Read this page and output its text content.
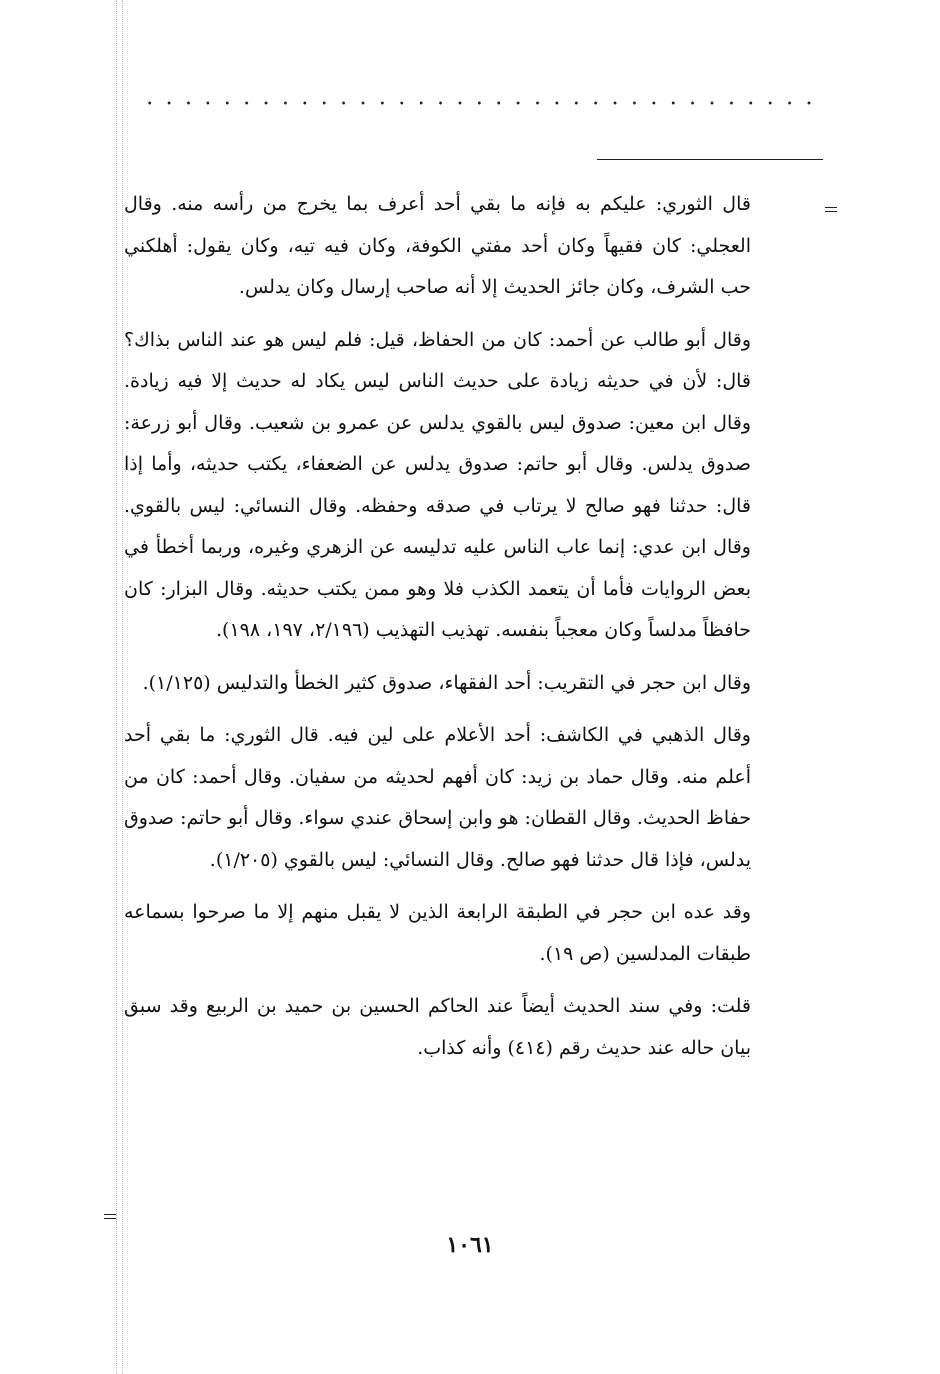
قال الثوري: عليكم به فإنه ما بقي أحد أعرف بما يخرج من رأسه منه. وقال العجلي: كان فقيهاً وكان أحد مفتي الكوفة، وكان فيه تيه، وكان يقول: أهلكني حب الشرف، وكان جائز الحديث إلا أنه صاحب إرسال وكان يدلس.

وقال أبو طالب عن أحمد: كان من الحفاظ، قيل: فلم ليس هو عند الناس بذاك؟ قال: لأن في حديثه زيادة على حديث الناس ليس يكاد له حديث إلا فيه زيادة. وقال ابن معين: صدوق ليس بالقوي يدلس عن عمرو بن شعيب. وقال أبو زرعة: صدوق يدلس. وقال أبو حاتم: صدوق يدلس عن الضعفاء، يكتب حديثه، وأما إذا قال: حدثنا فهو صالح لا يرتاب في صدقه وحفظه. وقال النسائي: ليس بالقوي. وقال ابن عدي: إنما عاب الناس عليه تدليسه عن الزهري وغيره، وربما أخطأ في بعض الروايات فأما أن يتعمد الكذب فلا وهو ممن يكتب حديثه. وقال البزار: كان حافظاً مدلساً وكان معجباً بنفسه. تهذيب التهذيب (٢/١٩٦، ١٩٧، ١٩٨).

وقال ابن حجر في التقريب: أحد الفقهاء، صدوق كثير الخطأ والتدليس (١/١٢٥).

وقال الذهبي في الكاشف: أحد الأعلام على لين فيه. قال الثوري: ما بقي أحد أعلم منه. وقال حماد بن زيد: كان أفهم لحديثه من سفيان. وقال أحمد: كان من حفاظ الحديث. وقال القطان: هو وابن إسحاق عندي سواء. وقال أبو حاتم: صدوق يدلس، فإذا قال حدثنا فهو صالح. وقال النسائي: ليس بالقوي (١/٢٠٥).

وقد عده ابن حجر في الطبقة الرابعة الذين لا يقبل منهم إلا ما صرحوا بسماعه طبقات المدلسين (ص ١٩).

قلت: وفي سند الحديث أيضاً عند الحاكم الحسين بن حميد بن الربيع وقد سبق بيان حاله عند حديث رقم (٤١٤) وأنه كذاب.

١٠٦١
